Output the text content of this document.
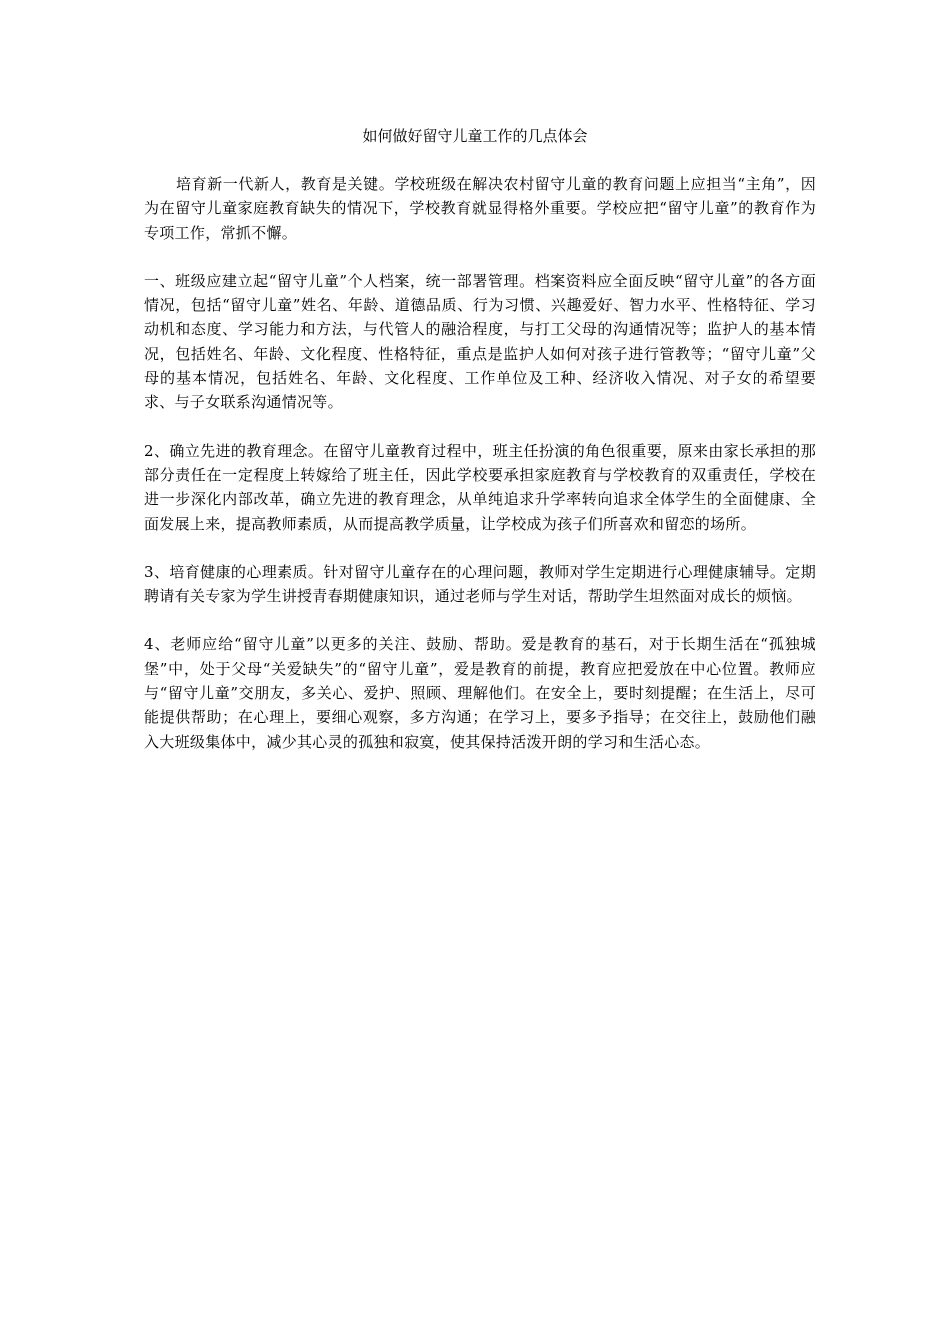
如何做好留守儿童工作的几点体会

培育新一代新人，教育是关键。学校班级在解决农村留守儿童的教育问题上应担当“主角”，因为在留守儿童家庭教育缺失的情况下，学校教育就显得格外重要。学校应把“留守儿童”的教育作为专项工作，常抓不懈。

一、班级应建立起“留守儿童”个人档案，统一部署管理。档案资料应全面反映“留守儿童”的各方面情况，包括“留守儿童”姓名、年龄、道德品质、行为习惯、兴趣爱好、智力水平、性格特征、学习动机和态度、学习能力和方法，与代管人的融洽程度，与打工父母的沟通情况等；监护人的基本情况，包括姓名、年龄、文化程度、性格特征，重点是监护人如何对孩子进行管教等；“留守儿童”父母的基本情况，包括姓名、年龄、文化程度、工作单位及工种、经济收入情况、对子女的希望要求、与子女联系沟通情况等。

2、确立先进的教育理念。在留守儿童教育过程中，班主任扮演的角色很重要，原来由家长承担的那部分责任在一定程度上转嫁给了班主任，因此学校要承担家庭教育与学校教育的双重责任，学校在进一步深化内部改革，确立先进的教育理念，从单纯追求升学率转向追求全体学生的全面健康、全面发展上来，提高教师素质，从而提高教学质量，让学校成为孩子们所喜欢和留恋的场所。

3、培育健康的心理素质。针对留守儿童存在的心理问题，教师对学生定期进行心理健康辅导。定期聘请有关专家为学生讲授青春期健康知识，通过老师与学生对话，帮助学生坦然面对成长的烦恼。

4、老师应给“留守儿童”以更多的关注、鼓励、帮助。爱是教育的基石，对于长期生活在“孤独城堡”中，处于父母“关爱缺失”的“留守儿童”，爱是教育的前提，教育应把爱放在中心位置。教师应与“留守儿童”交朋友，多关心、爱护、照顾、理解他们。在安全上，要时刻提醒；在生活上，尽可能提供帮助；在心理上，要细心观察，多方沟通；在学习上，要多予指导；在交往上，鼓励他们融入大班级集体中，减少其心灵的孤独和寂寞，使其保持活泼开朗的学习和生活心态。
